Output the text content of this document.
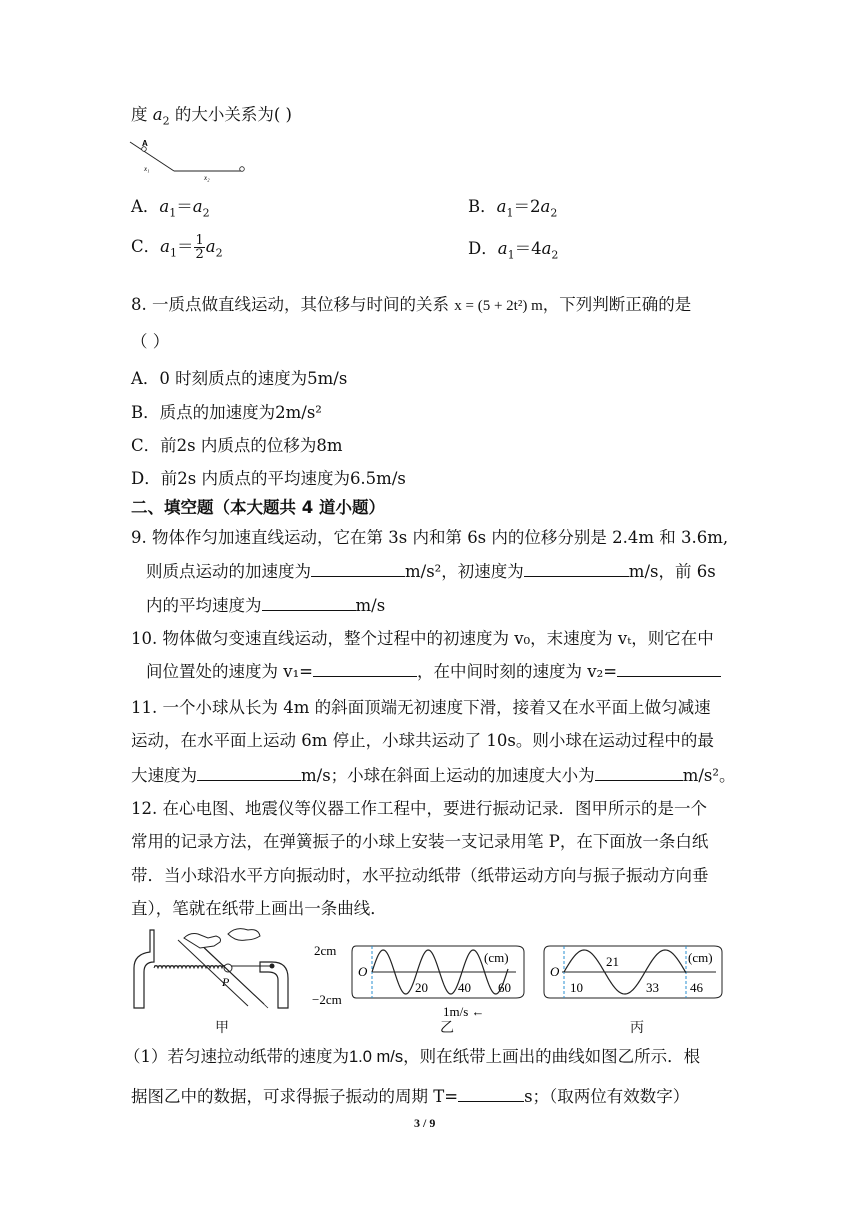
度 $a_2$ 的大小关系为( )
A
x₁
x₂
A．$a_1=a_2$	B．$a_1=2a_2$
C．$a_1= \frac{1}{2} a_2$	D．$a_1=4a_2$
8. 一质点做直线运动，其位移与时间的关系 x = (5 + 2t²) m，下列判断正确的是
（ ）
A．0 时刻质点的速度为5m/s
B．质点的加速度为2m/s²
C．前2s 内质点的位移为8m
D．前2s 内质点的平均速度为6.5m/s
二、填空题（本大题共 4 道小题）
9. 物体作匀加速直线运动，它在第 3s 内和第 6s 内的位移分别是 2.4m 和 3.6m,
则质点运动的加速度为	m/s²，初速度为	m/s，前 6s
内的平均速度为	m/s
10. 物体做匀变速直线运动，整个过程中的初速度为 v₀，末速度为 vₜ，则它在中
间位置处的速度为 v₁=	，在中间时刻的速度为 v₂=
11. 一个小球从长为 4m 的斜面顶端无初速度下滑，接着又在水平面上做匀减速
运动，在水平面上运动 6m 停止，小球共运动了 10s。则小球在运动过程中的最
大速度为	m/s；小球在斜面上运动的加速度大小为	m/s²。
12. 在心电图、地震仪等仪器工作工程中，要进行振动记录．图甲所示的是一个
常用的记录方法，在弹簧振子的小球上安装一支记录用笔 P，在下面放一条白纸
带．当小球沿水平方向振动时，水平拉动纸带（纸带运动方向与振子振动方向垂
直），笔就在纸带上画出一条曲线．
P
甲
2cm
−2cm
O
(cm)
20 40 60
1m/s ←
乙
O
(cm)
10
21
33 46
丙
（1）若匀速拉动纸带的速度为1.0 m/s，则在纸带上画出的曲线如图乙所示．根
据图乙中的数据，可求得振子振动的周期 T=	s；（取两位有效数字）
3 / 9
